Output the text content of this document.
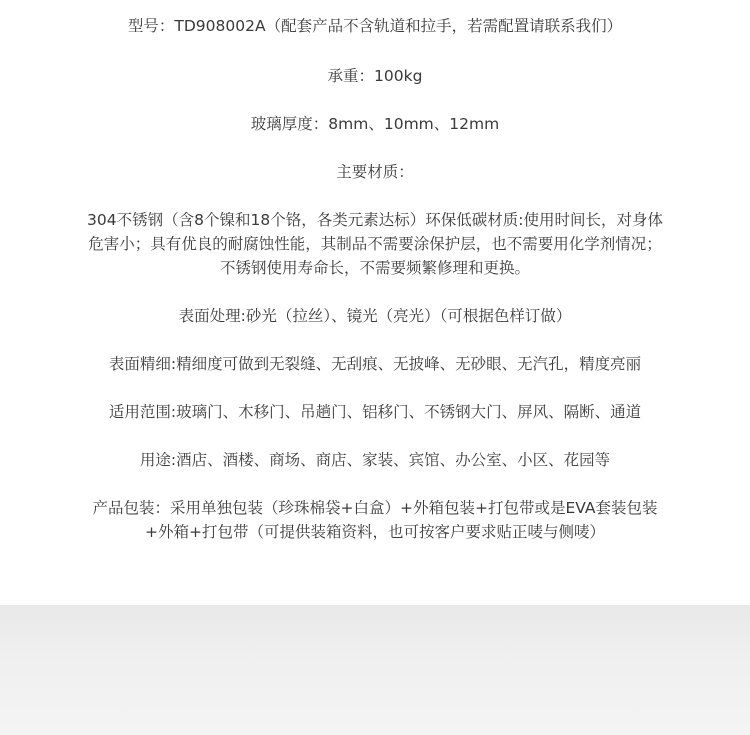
型号：TD908002A（配套产品不含轨道和拉手，若需配置请联系我们）
承重：100kg
玻璃厚度：8mm、10mm、12mm
主要材质：
304不锈钢（含8个镍和18个铬，各类元素达标）环保低碳材质:使用时间长，对身体
危害小；具有优良的耐腐蚀性能，其制品不需要涂保护层，也不需要用化学剂情况；
不锈钢使用寿命长，不需要频繁修理和更换。
表面处理:砂光（拉丝）、镜光（亮光）（可根据色样订做）
表面精细:精细度可做到无裂缝、无刮痕、无披峰、无砂眼、无汽孔，精度亮丽
适用范围:玻璃门、木移门、吊趟门、铝移门、不锈钢大门、屏风、隔断、通道
用途:酒店、酒楼、商场、商店、家装、宾馆、办公室、小区、花园等
产品包装：采用单独包装（珍珠棉袋+白盒）+外箱包装+打包带或是EVA套装包装
+外箱+打包带（可提供装箱资料，也可按客户要求贴正唛与侧唛）
